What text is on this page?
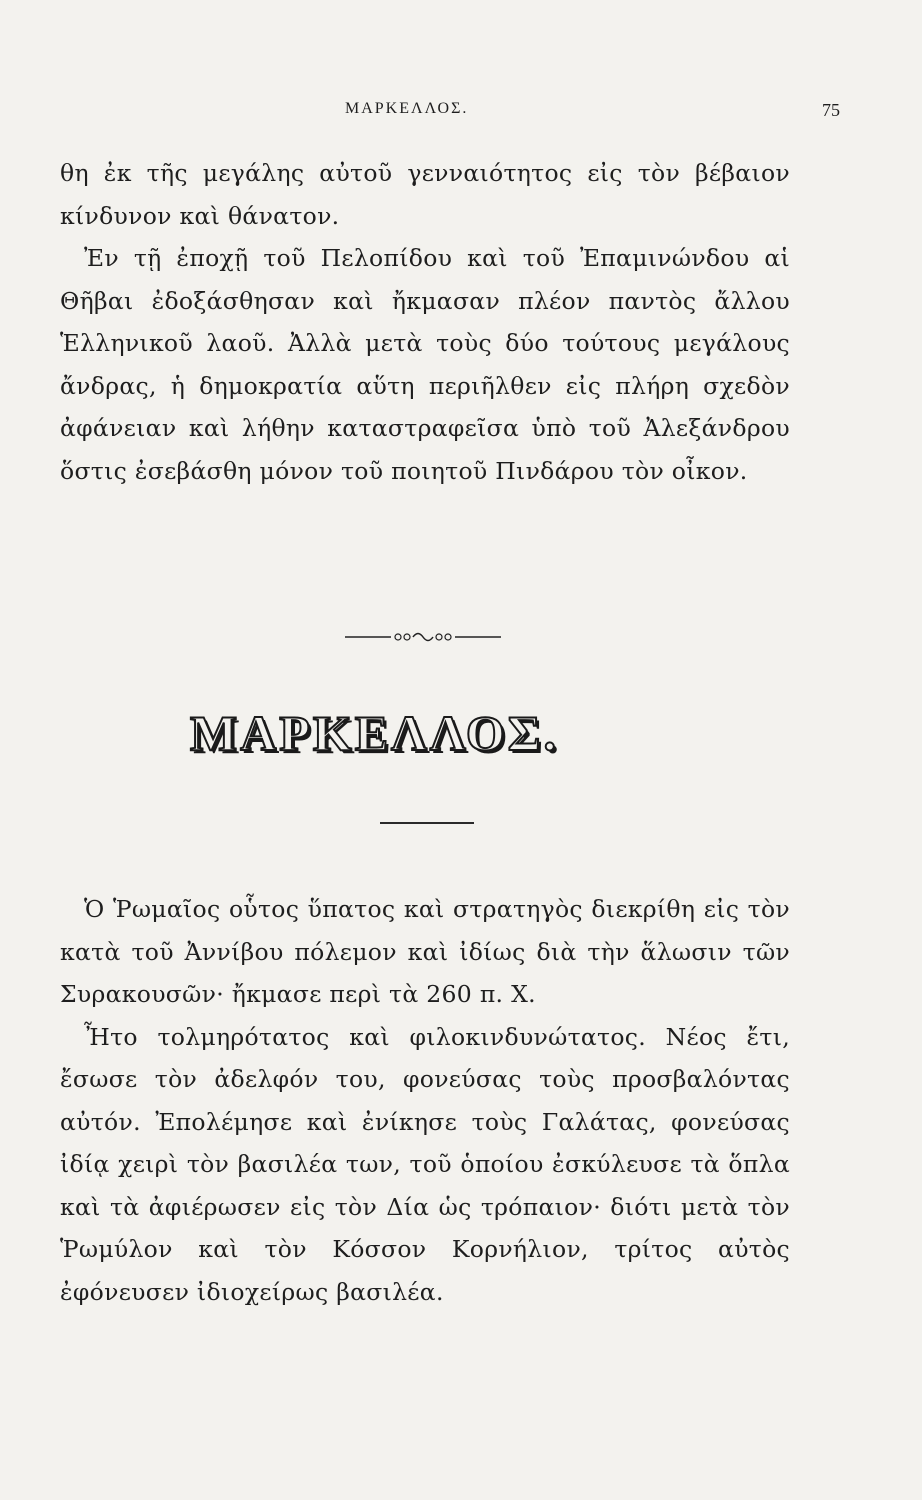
ΜΑΡΚΕΛΛΟΣ.	75

θη ἐκ τῆς μεγάλης αὐτοῦ γενναιότητος εἰς τὸν βέβαιον κίνδυνον καὶ θάνατον.

Ἐν τῇ ἐποχῇ τοῦ Πελοπίδου καὶ τοῦ Ἐπαμινώνδου αἱ Θῆβαι ἐδοξάσθησαν καὶ ἤκμασαν πλέον παντὸς ἄλλου Ἑλληνικοῦ λαοῦ. Ἀλλὰ μετὰ τοὺς δύο τούτους μεγάλους ἄνδρας, ἡ δημοκρατία αὕτη περιῆλθεν εἰς πλήρη σχεδὸν ἀφάνειαν καὶ λήθην καταστραφεῖσα ὑπὸ τοῦ Ἀλεξάνδρου ὅστις ἐσεβάσθη μόνον τοῦ ποιητοῦ Πινδάρου τὸν οἶκον.

ΜΑΡΚΕΛΛΟΣ.

Ὁ Ῥωμαῖος οὗτος ὕπατος καὶ στρατηγὸς διεκρίθη εἰς τὸν κατὰ τοῦ Ἀννίβου πόλεμον καὶ ἰδίως διὰ τὴν ἅλωσιν τῶν Συρακουσῶν· ἤκμασε περὶ τὰ 260 π. Χ.

Ἦτο τολμηρότατος καὶ φιλοκινδυνώτατος. Νέος ἔτι, ἔσωσε τὸν ἀδελφόν του, φονεύσας τοὺς προσβαλόντας αὐτόν. Ἐπολέμησε καὶ ἐνίκησε τοὺς Γαλάτας, φονεύσας ἰδίᾳ χειρὶ τὸν βασιλέα των, τοῦ ὁποίου ἐσκύλευσε τὰ ὅπλα καὶ τὰ ἀφιέρωσεν εἰς τὸν Δία ὡς τρόπαιον· διότι μετὰ τὸν Ῥωμύλον καὶ τὸν Κόσσον Κορνήλιον, τρίτος αὐτὸς ἐφόνευσεν ἰδιοχείρως βασιλέα.
